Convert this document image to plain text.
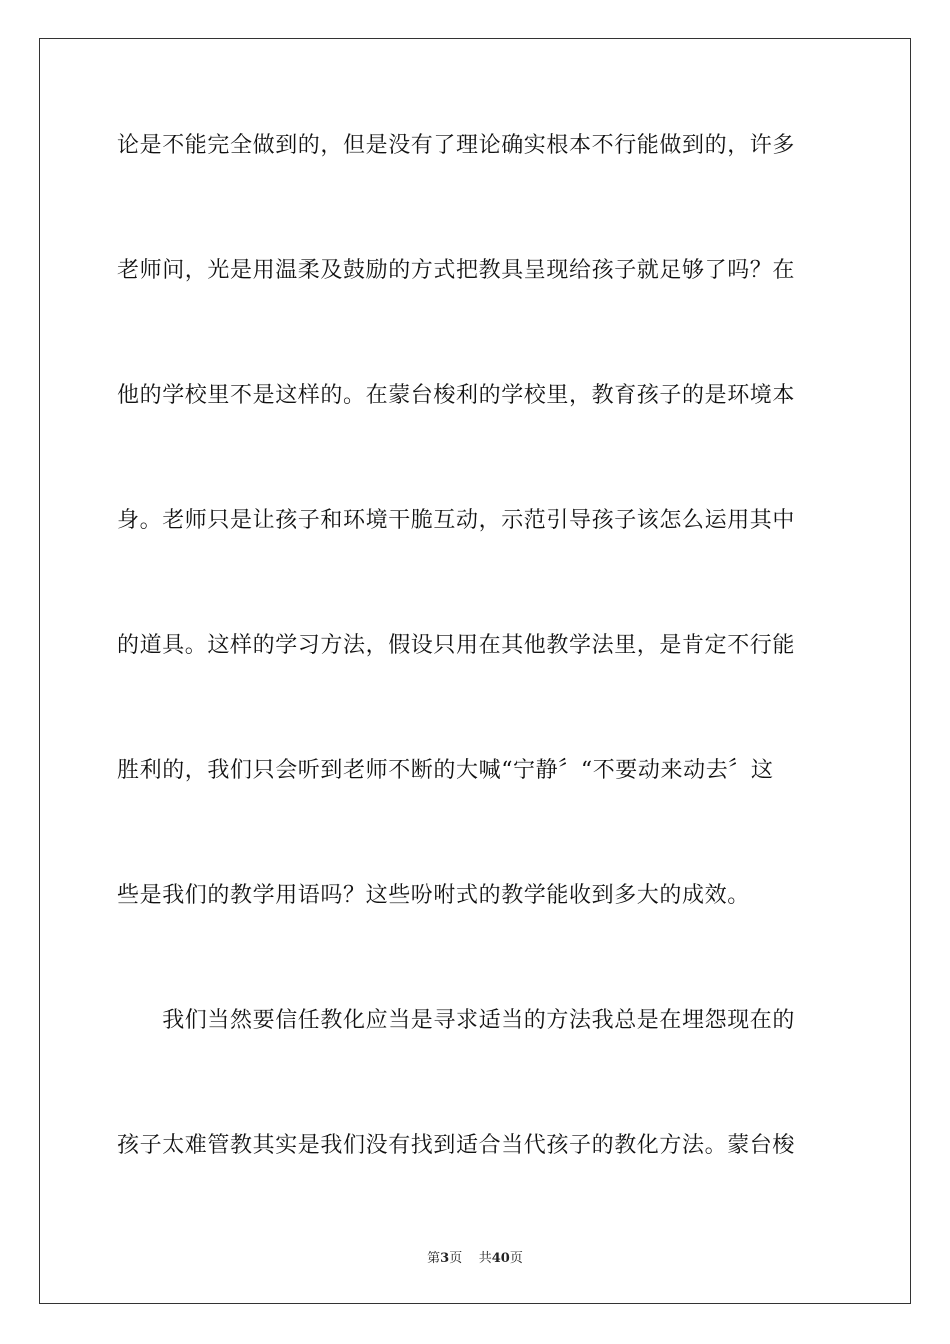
论是不能完全做到的，但是没有了理论确实根本不行能做到的，许多
老师问，光是用温柔及鼓励的方式把教具呈现给孩子就足够了吗？在
他的学校里不是这样的。在蒙台梭利的学校里，教育孩子的是环境本
身。老师只是让孩子和环境干脆互动，示范引导孩子该怎么运用其中
的道具。这样的学习方法，假设只用在其他教学法里，是肯定不行能
胜利的，我们只会听到老师不断的大喊“宁静〞“不要动来动去〞这
些是我们的教学用语吗？这些吩咐式的教学能收到多大的成效。
　　我们当然要信任教化应当是寻求适当的方法我总是在埋怨现在的
孩子太难管教其实是我们没有找到适合当代孩子的教化方法。蒙台梭
第3页 共40页
